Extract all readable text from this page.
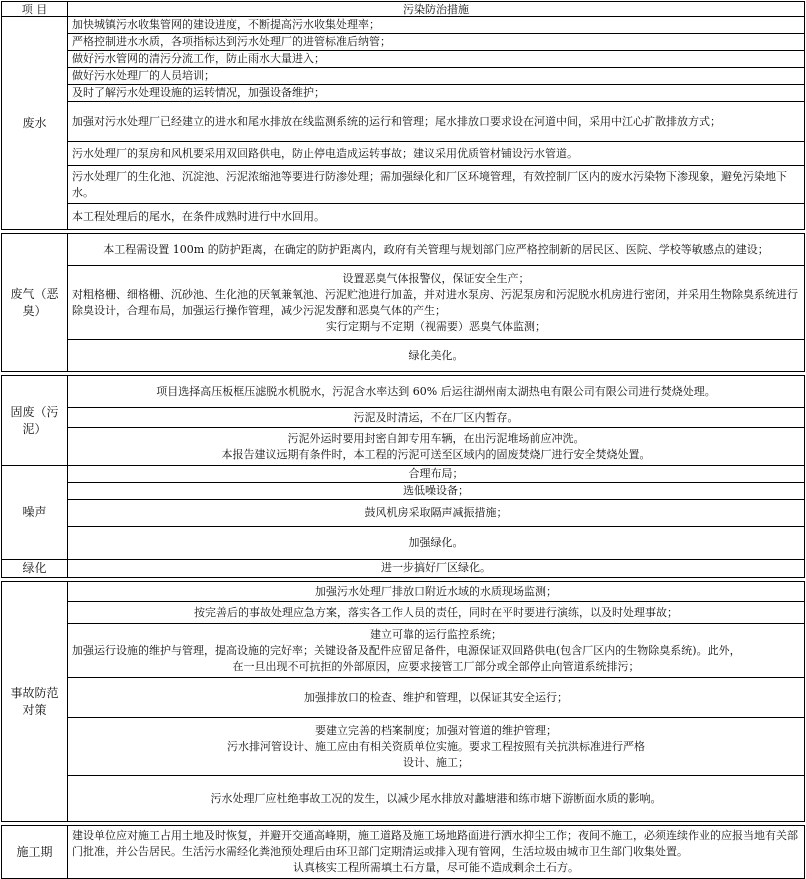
项 目	污染防治措施
废水
加快城镇污水收集管网的建设进度，不断提高污水收集处理率；
严格控制进水水质，各项指标达到污水处理厂的进管标准后纳管；
做好污水管网的清污分流工作，防止雨水大量进入；
做好污水处理厂的人员培训；
及时了解污水处理设施的运转情况，加强设备维护；
加强对污水处理厂已经建立的进水和尾水排放在线监测系统的运行和管理；尾水排放口要求设在河道中间，采用中江心扩散排放方式；
污水处理厂的泵房和风机要采用双回路供电，防止停电造成运转事故；建议采用优质管材铺设污水管道。
污水处理厂的生化池、沉淀池、污泥浓缩池等要进行防渗处理；需加强绿化和厂区环境管理，有效控制厂区内的废水污染物下渗现象，避免污染地下水。
本工程处理后的尾水，在条件成熟时进行中水回用。
废气（恶臭）
本工程需设置 100m 的防护距离，在确定的防护距离内，政府有关管理与规划部门应严格控制新的居民区、医院、学校等敏感点的建设；
设置恶臭气体报警仪，保证安全生产；
对粗格栅、细格栅、沉砂池、生化池的厌氧兼氧池、污泥贮池进行加盖，并对进水泵房、污泥泵房和污泥脱水机房进行密闭，并采用生物除臭系统进行除臭设计，合理布局，加强运行操作管理，减少污泥发酵和恶臭气体的产生；
实行定期与不定期（视需要）恶臭气体监测；
绿化美化。
固废（污泥）
项目选择高压板框压滤脱水机脱水，污泥含水率达到 60% 后运往湖州南太湖热电有限公司有限公司进行焚烧处理。
污泥及时清运，不在厂区内暂存。
污泥外运时要用封密自卸专用车辆，在出污泥堆场前应冲洗。
本报告建议远期有条件时，本工程的污泥可送至区域内的固废焚烧厂进行安全焚烧处置。
噪声
合理布局；
选低噪设备；
鼓风机房采取隔声减振措施；
加强绿化。
绿化	进一步搞好厂区绿化。
事故防范对策
加强污水处理厂排放口附近水域的水质现场监测；
按完善后的事故处理应急方案，落实各工作人员的责任，同时在平时要进行演练，以及时处理事故；
建立可靠的运行监控系统；
加强运行设施的维护与管理，提高设施的完好率；关键设备及配件应留足备件，电源保证双回路供电(包含厂区内的生物除臭系统)。此外，
在一旦出现不可抗拒的外部原因，应要求接管工厂部分或全部停止向管道系统排污；
加强排放口的检查、维护和管理，以保证其安全运行；
要建立完善的档案制度；加强对管道的维护管理；
污水排河管设计、施工应由有相关资质单位实施。要求工程按照有关抗洪标准进行严格
设计、施工；
污水处理厂应杜绝事故工况的发生，以减少尾水排放对蠡塘港和练市塘下游断面水质的影响。
施工期
建设单位应对施工占用土地及时恢复，并避开交通高峰期，施工道路及施工场地路面进行洒水抑尘工作；夜间不施工，必须连续作业的应报当地有关部门批准，并公告居民。生活污水需经化粪池预处理后由环卫部门定期清运或排入现有管网，生活垃圾由城市卫生部门收集处置。
认真核实工程所需填土石方量，尽可能不造成剩余土石方。
